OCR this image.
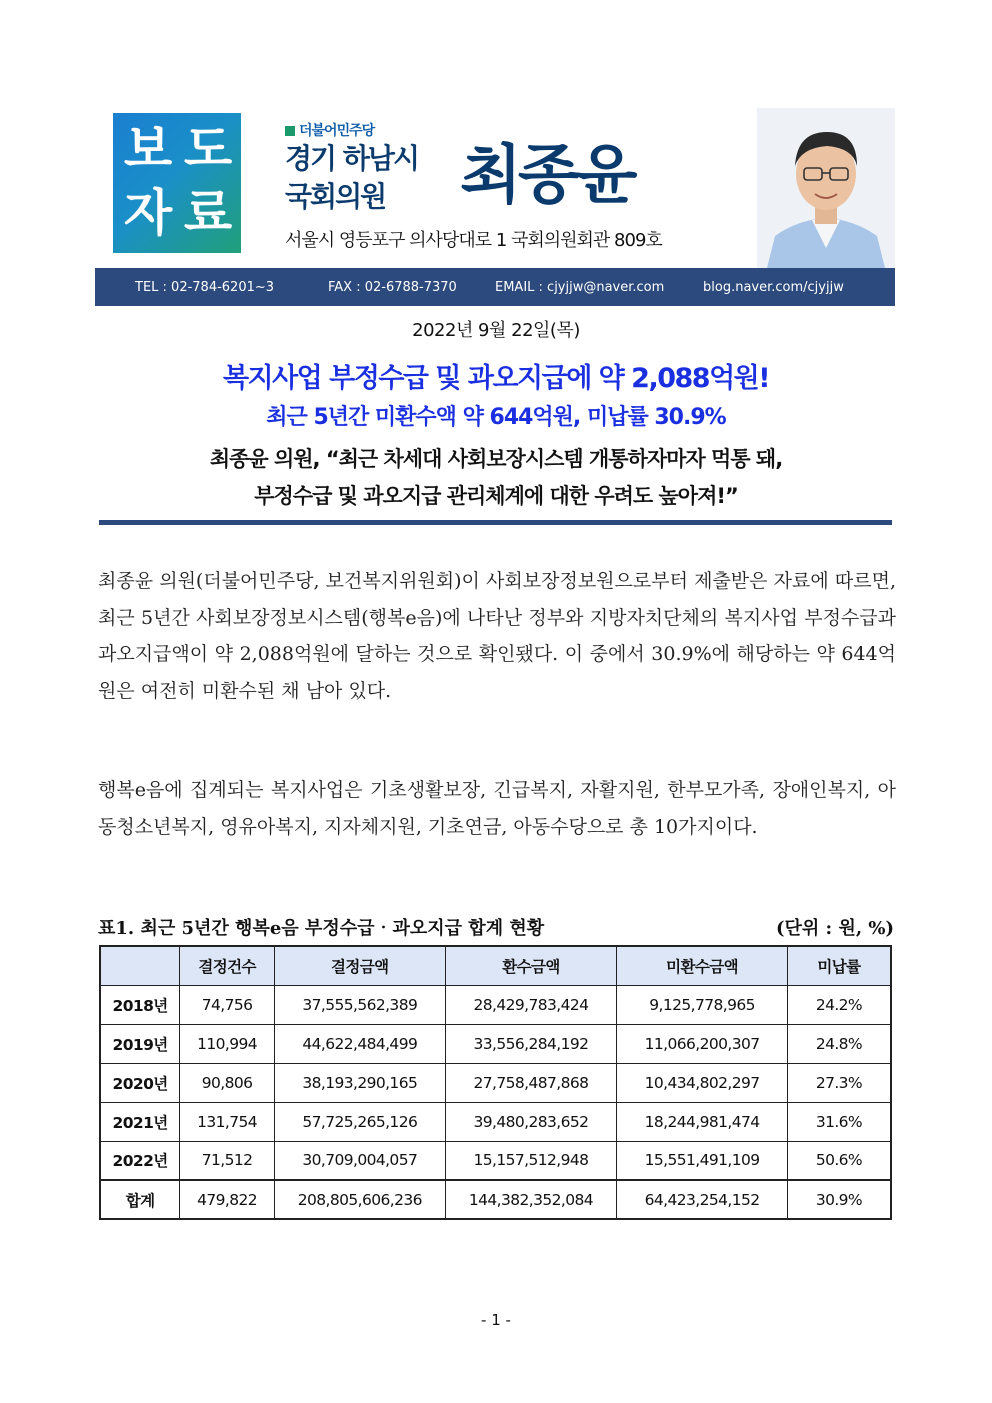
보 도
자 료
더불어민주당
경기 하남시
국회의원 최종윤
서울시 영등포구 의사당대로 1 국회의원회관 809호
TEL : 02-784-6201~3	FAX : 02-6788-7370	EMAIL : cjyjjw@naver.com	blog.naver.com/cjyjjw
2022년 9월 22일(목)
복지사업 부정수급 및 과오지급에 약 2,088억원!
최근 5년간 미환수액 약 644억원, 미납률 30.9%
최종윤 의원, “최근 차세대 사회보장시스템 개통하자마자 먹통 돼,
부정수급 및 과오지급 관리체계에 대한 우려도 높아져!”

최종윤 의원(더불어민주당, 보건복지위원회)이 사회보장정보원으로부터 제출받은 자료에 따르면, 최근 5년간 사회보장정보시스템(행복e음)에 나타난 정부와 지방자치단체의 복지사업 부정수급과 과오지급액이 약 2,088억원에 달하는 것으로 확인됐다. 이 중에서 30.9%에 해당하는 약 644억 원은 여전히 미환수된 채 남아 있다.

행복e음에 집계되는 복지사업은 기초생활보장, 긴급복지, 자활지원, 한부모가족, 장애인복지, 아동청소년복지, 영유아복지, 지자체지원, 기초연금, 아동수당으로 총 10가지이다.

표1. 최근 5년간 행복e음 부정수급‧과오지급 합계 현황	(단위 : 원, %)
	결정건수	결정금액	환수금액	미환수금액	미납률
2018년	74,756	37,555,562,389	28,429,783,424	9,125,778,965	24.2%
2019년	110,994	44,622,484,499	33,556,284,192	11,066,200,307	24.8%
2020년	90,806	38,193,290,165	27,758,487,868	10,434,802,297	27.3%
2021년	131,754	57,725,265,126	39,480,283,652	18,244,981,474	31.6%
2022년	71,512	30,709,004,057	15,157,512,948	15,551,491,109	50.6%
합계	479,822	208,805,606,236	144,382,352,084	64,423,254,152	30.9%
- 1 -
